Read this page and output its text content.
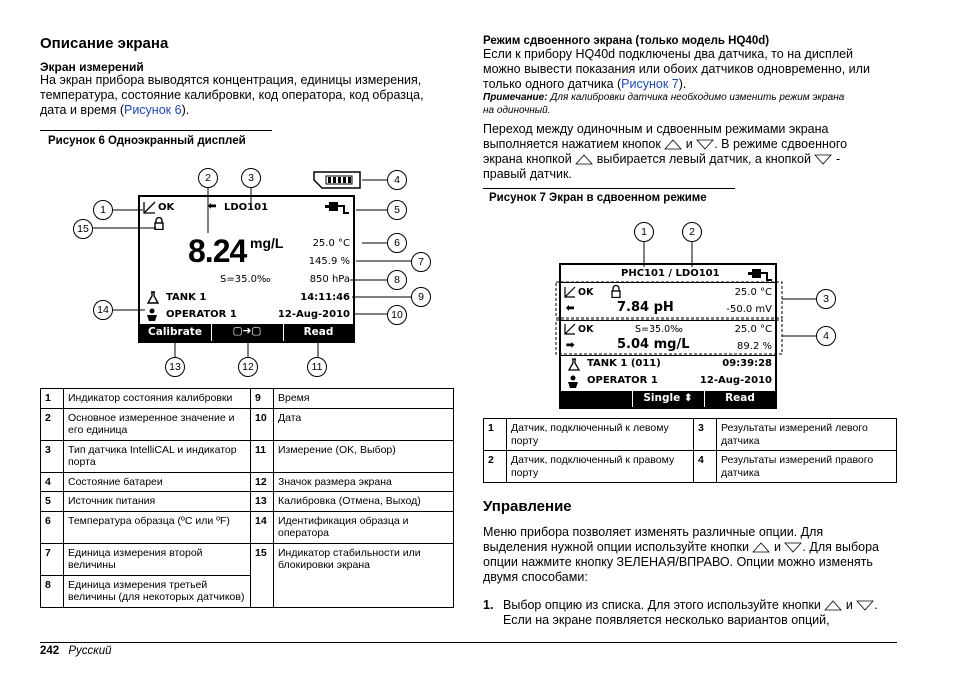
Описание экрана
Экран измерений
На экран прибора выводятся концентрация, единицы измерения,
температура, состояние калибровки, код оператора, код образца,
дата и время (Рисунок 6).
Рисунок 6 Одноэкранный дисплей
OK	⬅ LDO101
8.24 mg/L	25.0 °C
145.9 %
S=35.0‰	850 hPa
TANK 1	14:11:46
OPERATOR 1	12-Aug-2010
Calibrate	▢➜▢	Read
1
2	3	4
5
6
7
8
9
10
11
12
13
14
15
1	Индикатор состояния калибровки	9	Время
2	Основное измеренное значение и его единица	10	Дата
3	Тип датчика IntelliCAL и индикатор порта	11	Измерение (OK, Выбор)
4	Состояние батареи	12	Значок размера экрана
5	Источник питания	13	Калибровка (Отмена, Выход)
6	Температура образца (ºC или ºF)	14	Идентификация образца и оператора
7	Единица измерения второй величины	15	Индикатор стабильности или блокировки экрана
8	Единица измерения третьей величины (для некоторых датчиков)		
Режим сдвоенного экрана (только модель HQ40d)
Если к прибору HQ40d подключены два датчика, то на дисплей
можно вывести показания или обоих датчиков одновременно, или
только одного датчика (Рисунок 7).
Примечание: Для калибровки датчика необходимо изменить режим экрана
на одиночный.
Переход между одиночным и сдвоенным режимами экрана
выполняется нажатием кнопок и . В режиме сдвоенного
экрана кнопкой выбирается левый датчик, а кнопкой -
правый датчик.
Рисунок 7 Экран в сдвоенном режиме
PHC101 / LDO101
OK	25.0 °C
⬅	7.84 pH	-50.0 mV
OK	S=35.0‰	25.0 °C
➡	5.04 mg/L	89.2 %
TANK 1 (011)	09:39:28
OPERATOR 1	12-Aug-2010
Single ⬍	Read
1	2
3
4
1	Датчик, подключенный к левому порту	3	Результаты измерений левого датчика
2	Датчик, подключенный к правому порту	4	Результаты измерений правого датчика
Управление
Меню прибора позволяет изменять различные опции. Для
выделения нужной опции используйте кнопки и . Для выбора
опции нажмите кнопку ЗЕЛЕНАЯ/ВПРАВО. Опции можно изменять
двумя способами:
1. Выбор опцию из списка. Для этого используйте кнопки и .
Если на экране появляется несколько вариантов опций,
242 Русский
